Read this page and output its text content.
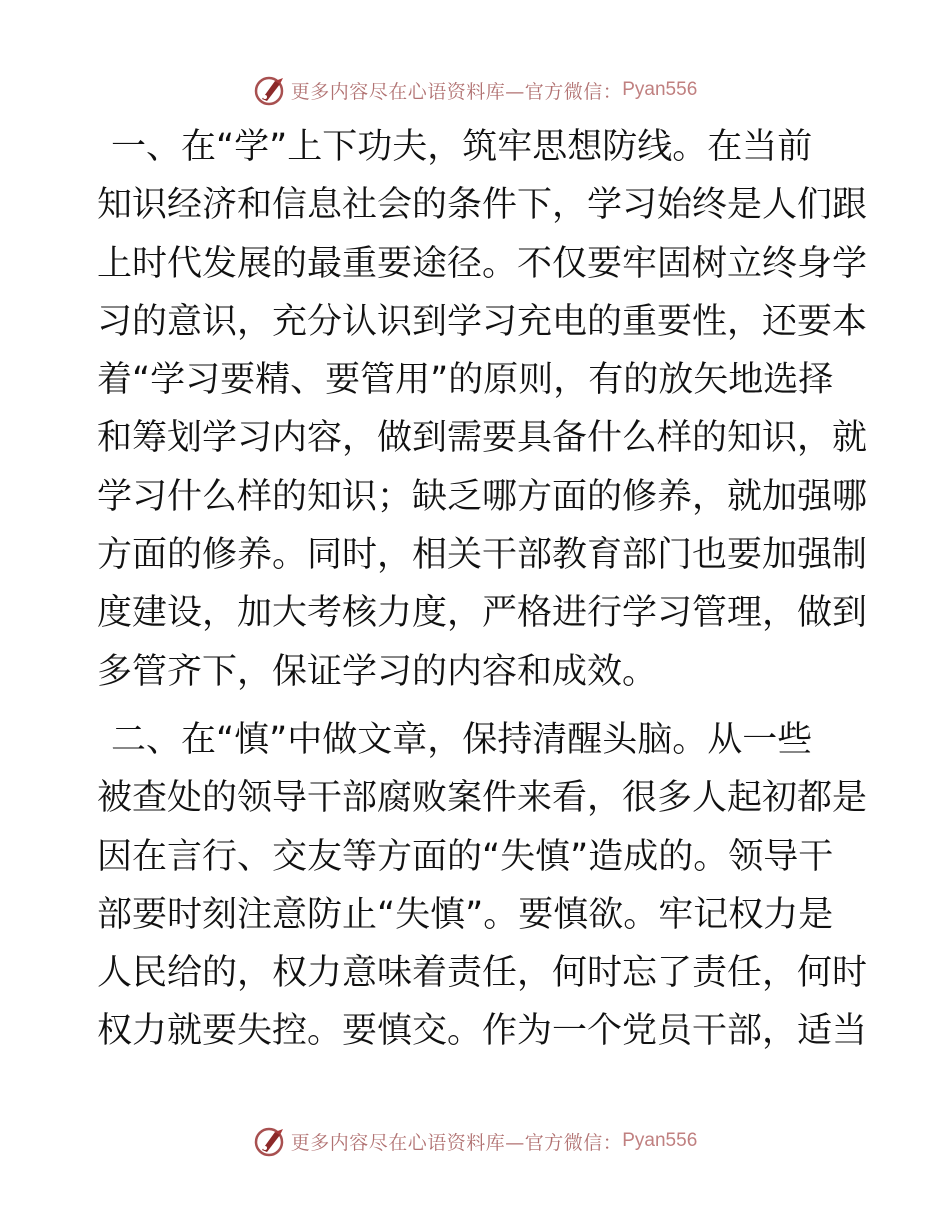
更多内容尽在心语资料库—官方微信： Pyan556

一、在“学”上下功夫，筑牢思想防线。在当前
知识经济和信息社会的条件下，学习始终是人们跟
上时代发展的最重要途径。不仅要牢固树立终身学
习的意识，充分认识到学习充电的重要性，还要本
着“学习要精、要管用”的原则，有的放矢地选择
和筹划学习内容，做到需要具备什么样的知识，就
学习什么样的知识；缺乏哪方面的修养，就加强哪
方面的修养。同时，相关干部教育部门也要加强制
度建设，加大考核力度，严格进行学习管理，做到
多管齐下，保证学习的内容和成效。

二、在“慎”中做文章，保持清醒头脑。从一些
被查处的领导干部腐败案件来看，很多人起初都是
因在言行、交友等方面的“失慎”造成的。领导干
部要时刻注意防止“失慎”。要慎欲。牢记权力是
人民给的，权力意味着责任，何时忘了责任，何时
权力就要失控。要慎交。作为一个党员干部，适当

更多内容尽在心语资料库—官方微信： Pyan556
